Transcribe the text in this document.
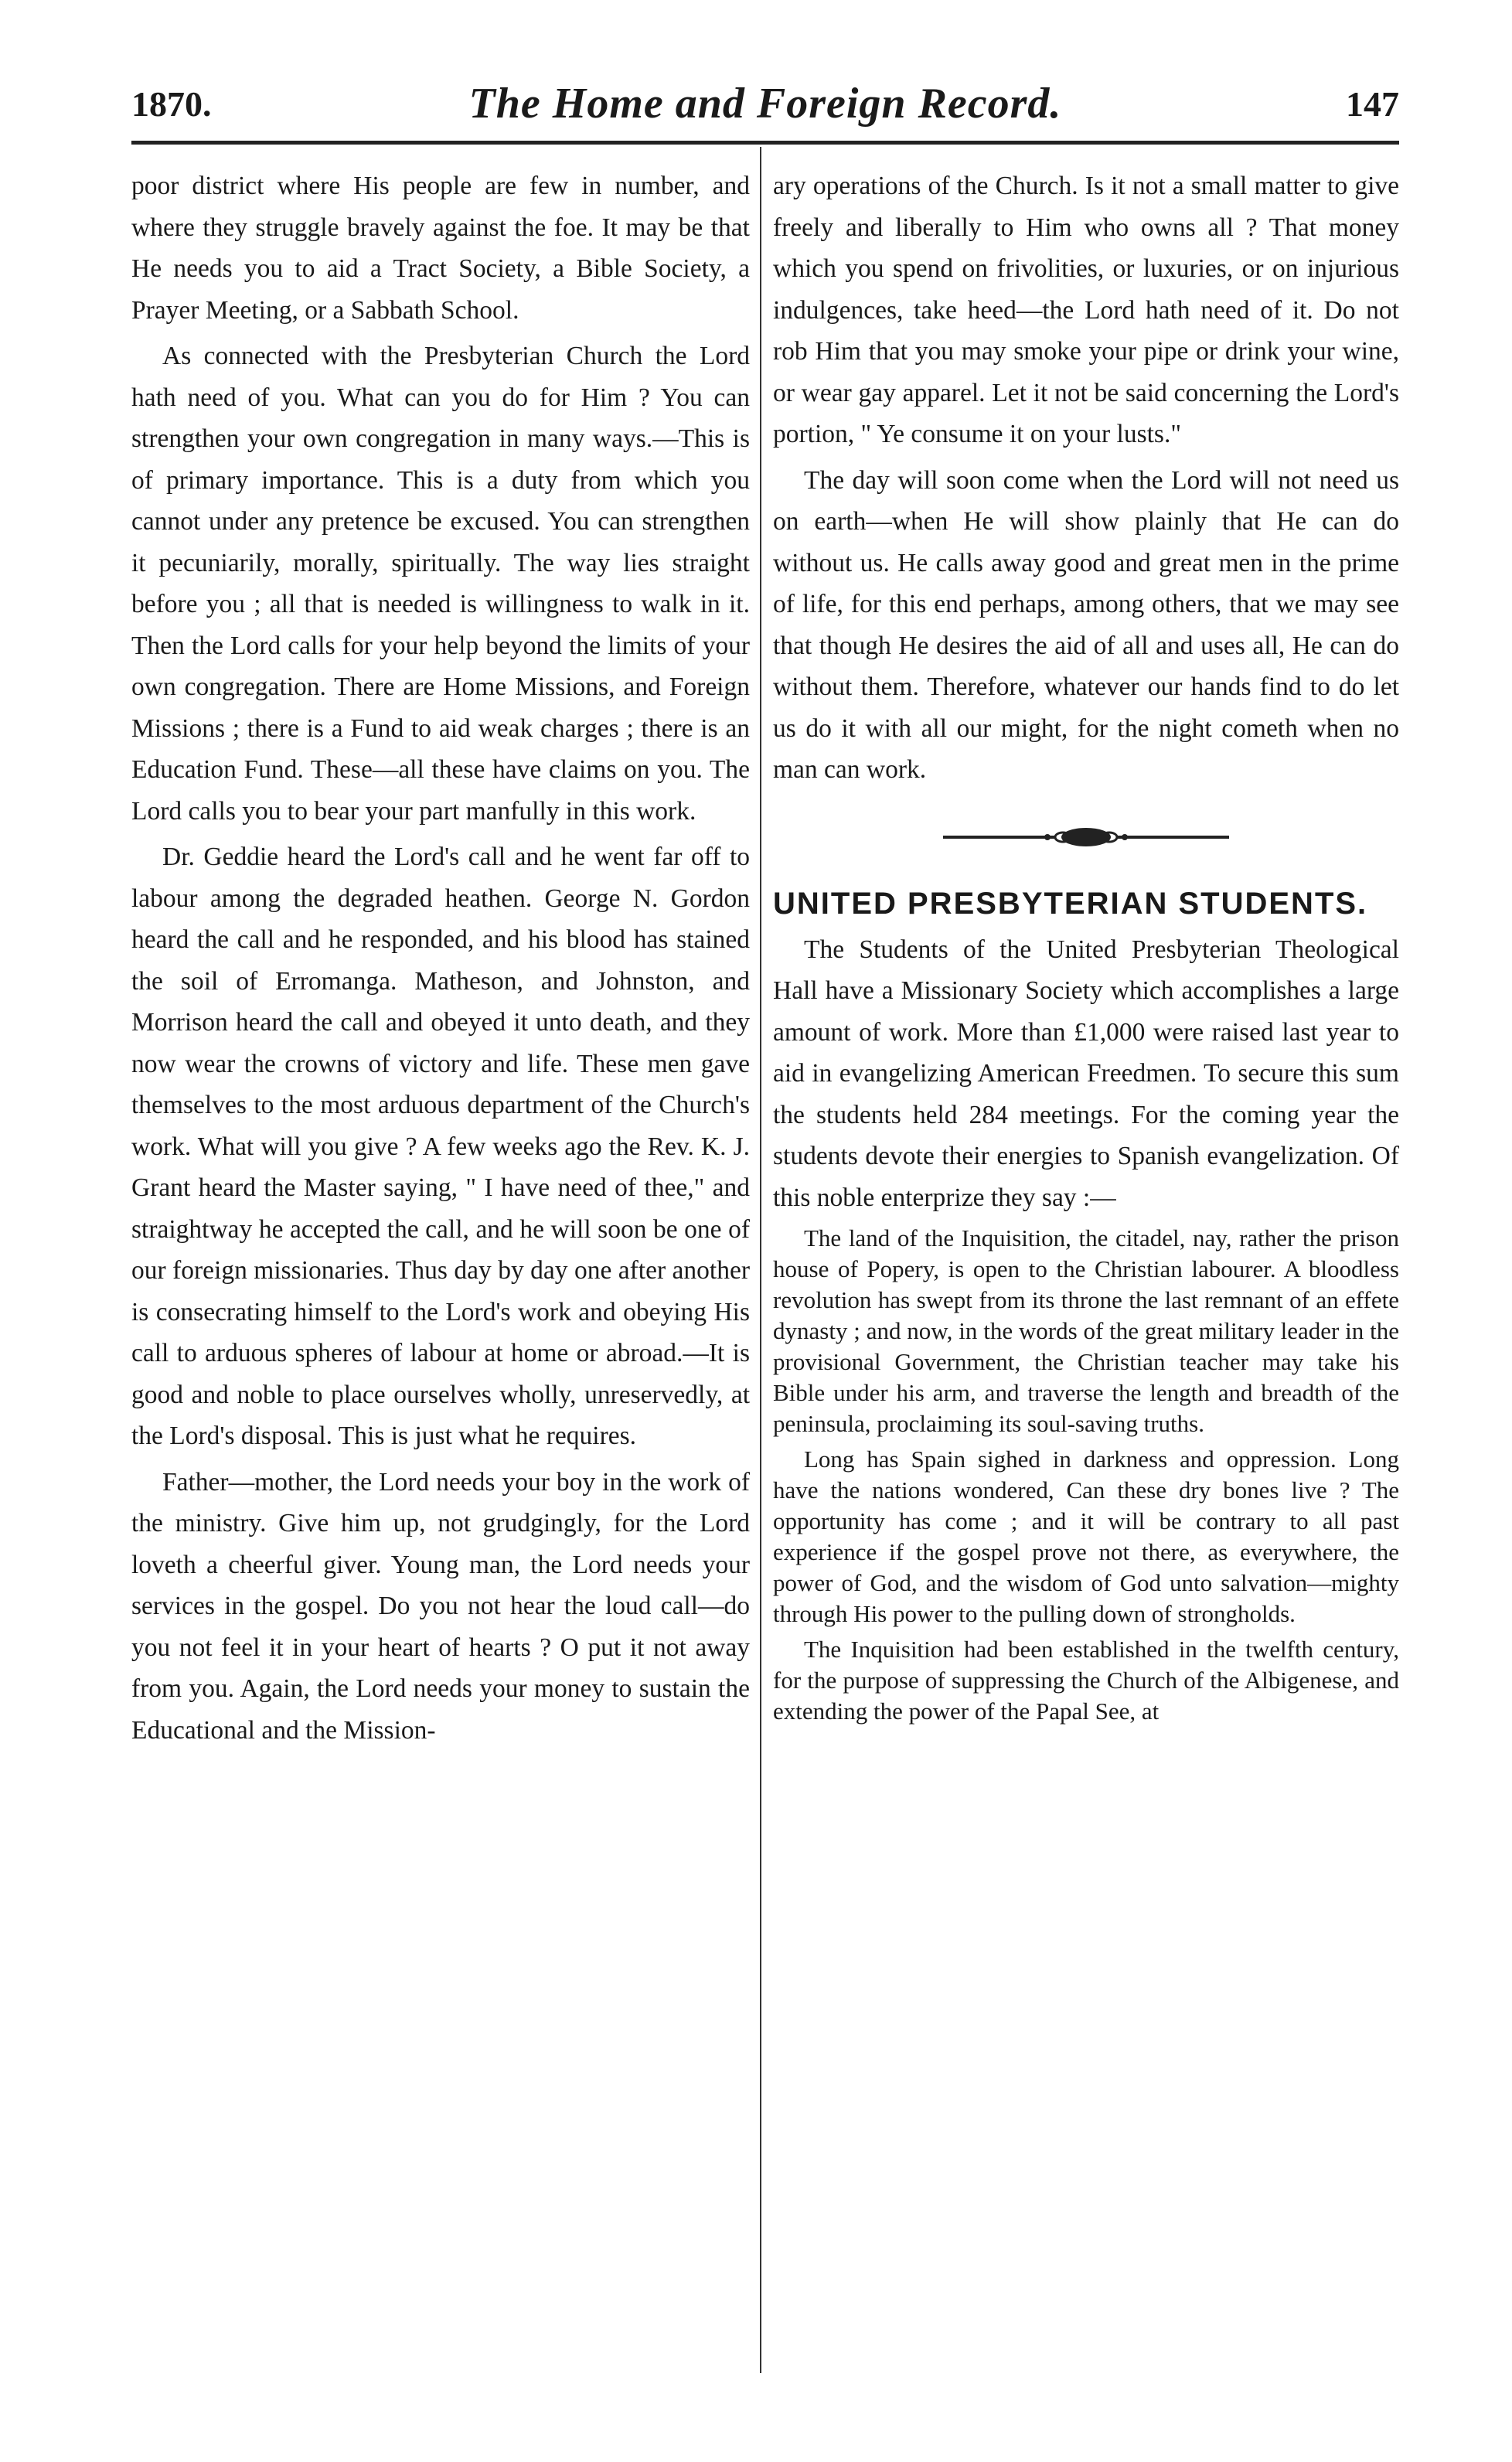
1870.	The Home and Foreign Record.	147

poor district where His people are few in number, and where they struggle bravely against the foe. It may be that He needs you to aid a Tract Society, a Bible Society, a Prayer Meeting, or a Sabbath School.

As connected with the Presbyterian Church the Lord hath need of you. What can you do for Him ? You can strengthen your own congregation in many ways.—This is of primary importance. This is a duty from which you cannot under any pretence be excused. You can strengthen it pecuniarily, morally, spiritually. The way lies straight before you ; all that is needed is willingness to walk in it. Then the Lord calls for your help beyond the limits of your own congregation. There are Home Missions, and Foreign Missions ; there is a Fund to aid weak charges ; there is an Education Fund. These—all these have claims on you. The Lord calls you to bear your part manfully in this work.

Dr. Geddie heard the Lord's call and he went far off to labour among the degraded heathen. George N. Gordon heard the call and he responded, and his blood has stained the soil of Erromanga. Matheson, and Johnston, and Morrison heard the call and obeyed it unto death, and they now wear the crowns of victory and life. These men gave themselves to the most arduous department of the Church's work. What will you give ? A few weeks ago the Rev. K. J. Grant heard the Master saying, " I have need of thee," and straightway he accepted the call, and he will soon be one of our foreign missionaries. Thus day by day one after another is consecrating himself to the Lord's work and obeying His call to arduous spheres of labour at home or abroad.—It is good and noble to place ourselves wholly, unreservedly, at the Lord's disposal. This is just what he requires.

Father—mother, the Lord needs your boy in the work of the ministry. Give him up, not grudgingly, for the Lord loveth a cheerful giver. Young man, the Lord needs your services in the gospel. Do you not hear the loud call—do you not feel it in your heart of hearts ? O put it not away from you. Again, the Lord needs your money to sustain the Educational and the Mission-

ary operations of the Church. Is it not a small matter to give freely and liberally to Him who owns all ? That money which you spend on frivolities, or luxuries, or on injurious indulgences, take heed—the Lord hath need of it. Do not rob Him that you may smoke your pipe or drink your wine, or wear gay apparel. Let it not be said concerning the Lord's portion, " Ye consume it on your lusts."

The day will soon come when the Lord will not need us on earth—when He will show plainly that He can do without us. He calls away good and great men in the prime of life, for this end perhaps, among others, that we may see that though He desires the aid of all and uses all, He can do without them. Therefore, whatever our hands find to do let us do it with all our might, for the night cometh when no man can work.

UNITED PRESBYTERIAN STUDENTS.

The Students of the United Presbyterian Theological Hall have a Missionary Society which accomplishes a large amount of work. More than £1,000 were raised last year to aid in evangelizing American Freedmen. To secure this sum the students held 284 meetings. For the coming year the students devote their energies to Spanish evangelization. Of this noble enterprize they say :—

The land of the Inquisition, the citadel, nay, rather the prison house of Popery, is open to the Christian labourer. A bloodless revolution has swept from its throne the last remnant of an effete dynasty ; and now, in the words of the great military leader in the provisional Government, the Christian teacher may take his Bible under his arm, and traverse the length and breadth of the peninsula, proclaiming its soul-saving truths.

Long has Spain sighed in darkness and oppression. Long have the nations wondered, Can these dry bones live ? The opportunity has come ; and it will be contrary to all past experience if the gospel prove not there, as everywhere, the power of God, and the wisdom of God unto salvation—mighty through His power to the pulling down of strongholds.

The Inquisition had been established in the twelfth century, for the purpose of suppressing the Church of the Albigenese, and extending the power of the Papal See, at
